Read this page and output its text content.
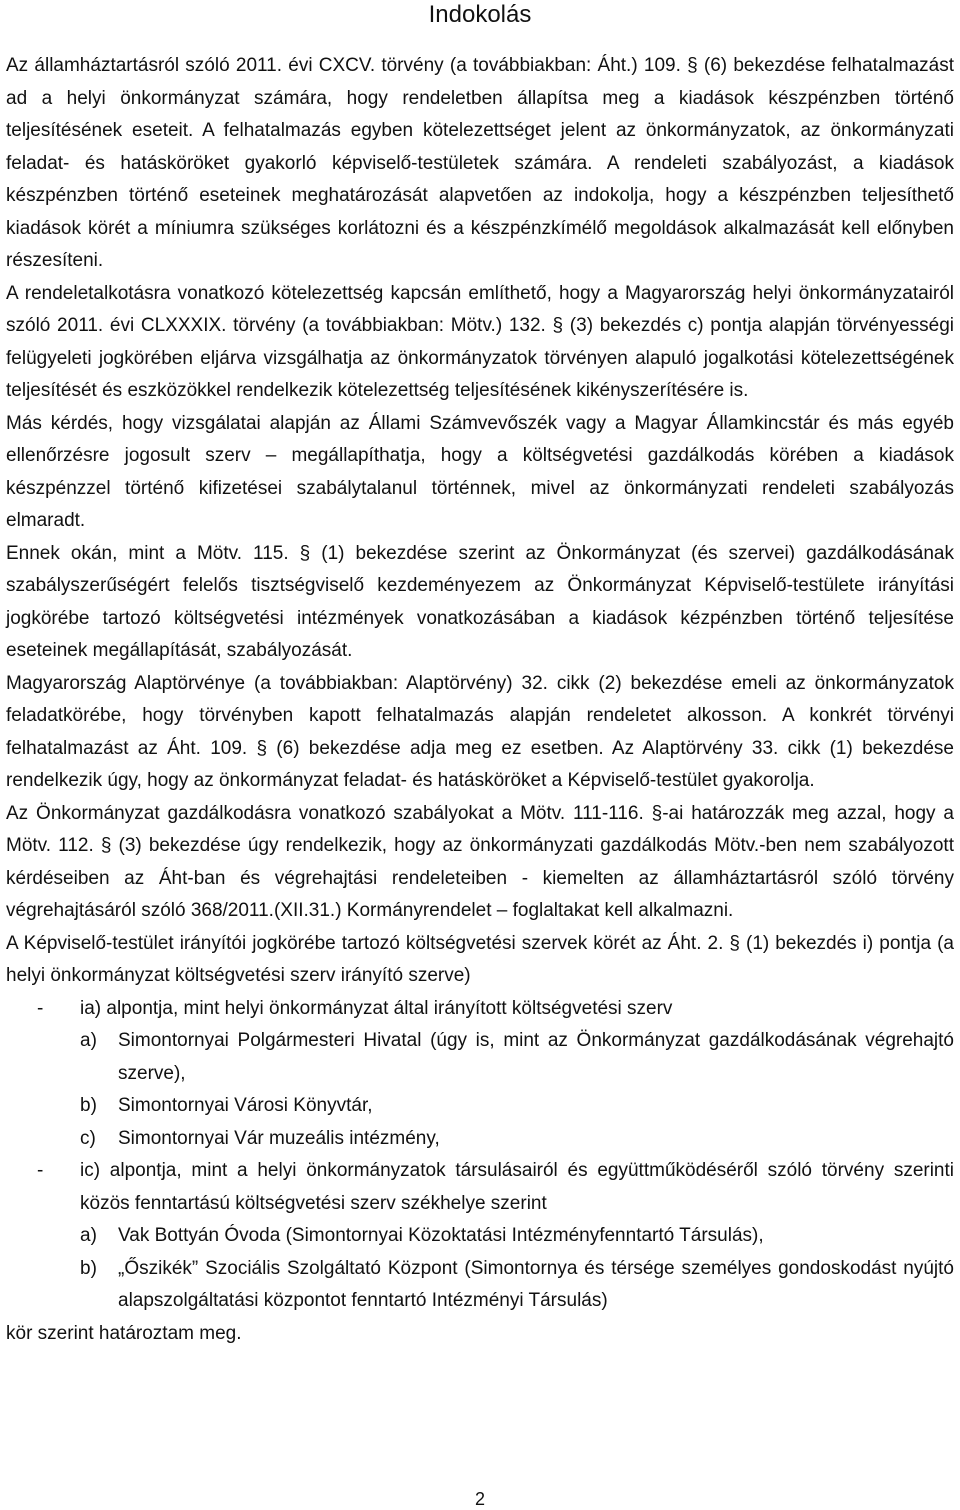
Indokolás

Az államháztartásról szóló 2011. évi CXCV. törvény (a továbbiakban: Áht.) 109. § (6) bekezdése felhatalmazást ad a helyi önkormányzat számára, hogy rendeletben állapítsa meg a kiadások készpénzben történő teljesítésének eseteit. A felhatalmazás egyben kötelezettséget jelent az önkormányzatok, az önkormányzati feladat- és hatásköröket gyakorló képviselő-testületek számára. A rendeleti szabályozást, a kiadások készpénzben történő eseteinek meghatározását alapvetően az indokolja, hogy a készpénzben teljesíthető kiadások körét a míniumra szükséges korlátozni és a készpénzkímélő megoldások alkalmazását kell előnyben részesíteni.

A rendeletalkotásra vonatkozó kötelezettség kapcsán említhető, hogy a Magyarország helyi önkormányzatairól szóló 2011. évi CLXXXIX. törvény (a továbbiakban: Mötv.) 132. § (3) bekezdés c) pontja alapján törvényességi felügyeleti jogkörében eljárva vizsgálhatja az önkormányzatok törvényen alapuló jogalkotási kötelezettségének teljesítését és eszközökkel rendelkezik kötelezettség teljesítésének kikényszerítésére is.

Más kérdés, hogy vizsgálatai alapján az Állami Számvevőszék vagy a Magyar Államkincstár és más egyéb ellenőrzésre jogosult szerv – megállapíthatja, hogy a költségvetési gazdálkodás körében a kiadások készpénzzel történő kifizetései szabálytalanul történnek, mivel az önkormányzati rendeleti szabályozás elmaradt.

Ennek okán, mint a Mötv. 115. § (1) bekezdése szerint az Önkormányzat (és szervei) gazdálkodásának szabályszerűségért felelős tisztségviselő kezdeményezem az Önkormányzat Képviselő-testülete irányítási jogkörébe tartozó költségvetési intézmények vonatkozásában a kiadások kézpénzben történő teljesítése eseteinek megállapítását, szabályozását.

Magyarország Alaptörvénye (a továbbiakban: Alaptörvény) 32. cikk (2) bekezdése emeli az önkormányzatok feladatkörébe, hogy törvényben kapott felhatalmazás alapján rendeletet alkosson. A konkrét törvényi felhatalmazást az Áht. 109. § (6) bekezdése adja meg ez esetben. Az Alaptörvény 33. cikk (1) bekezdése rendelkezik úgy, hogy az önkormányzat feladat- és hatásköröket a Képviselő-testület gyakorolja.

Az Önkormányzat gazdálkodásra vonatkozó szabályokat a Mötv. 111-116. §-ai határozzák meg azzal, hogy a Mötv. 112. § (3) bekezdése úgy rendelkezik, hogy az önkormányzati gazdálkodás Mötv.-ben nem szabályozott kérdéseiben az Áht-ban és végrehajtási rendeleteiben - kiemelten az államháztartásról szóló törvény végrehajtásáról szóló 368/2011.(XII.31.) Kormányrendelet – foglaltakat kell alkalmazni.

A Képviselő-testület irányítói jogkörébe tartozó költségvetési szervek körét az Áht. 2. § (1) bekezdés i) pontja (a helyi önkormányzat költségvetési szerv irányító szerve)

-	ia) alpontja, mint helyi önkormányzat által irányított költségvetési szerv
a)	Simontornyai Polgármesteri Hivatal (úgy is, mint az Önkormányzat gazdálkodásának végrehajtó szerve),
b)	Simontornyai Városi Könyvtár,
c)	Simontornyai Vár muzeális intézmény,
-	ic) alpontja, mint a helyi önkormányzatok társulásairól és együttműködéséről szóló törvény szerinti közös fenntartású költségvetési szerv székhelye szerint
a)	Vak Bottyán Óvoda (Simontornyai Közoktatási Intézményfenntartó Társulás),
b)	„Őszikék” Szociális Szolgáltató Központ (Simontornya és térsége személyes gondoskodást nyújtó alapszolgáltatási központot fenntartó Intézményi Társulás)

kör szerint határoztam meg.

2
